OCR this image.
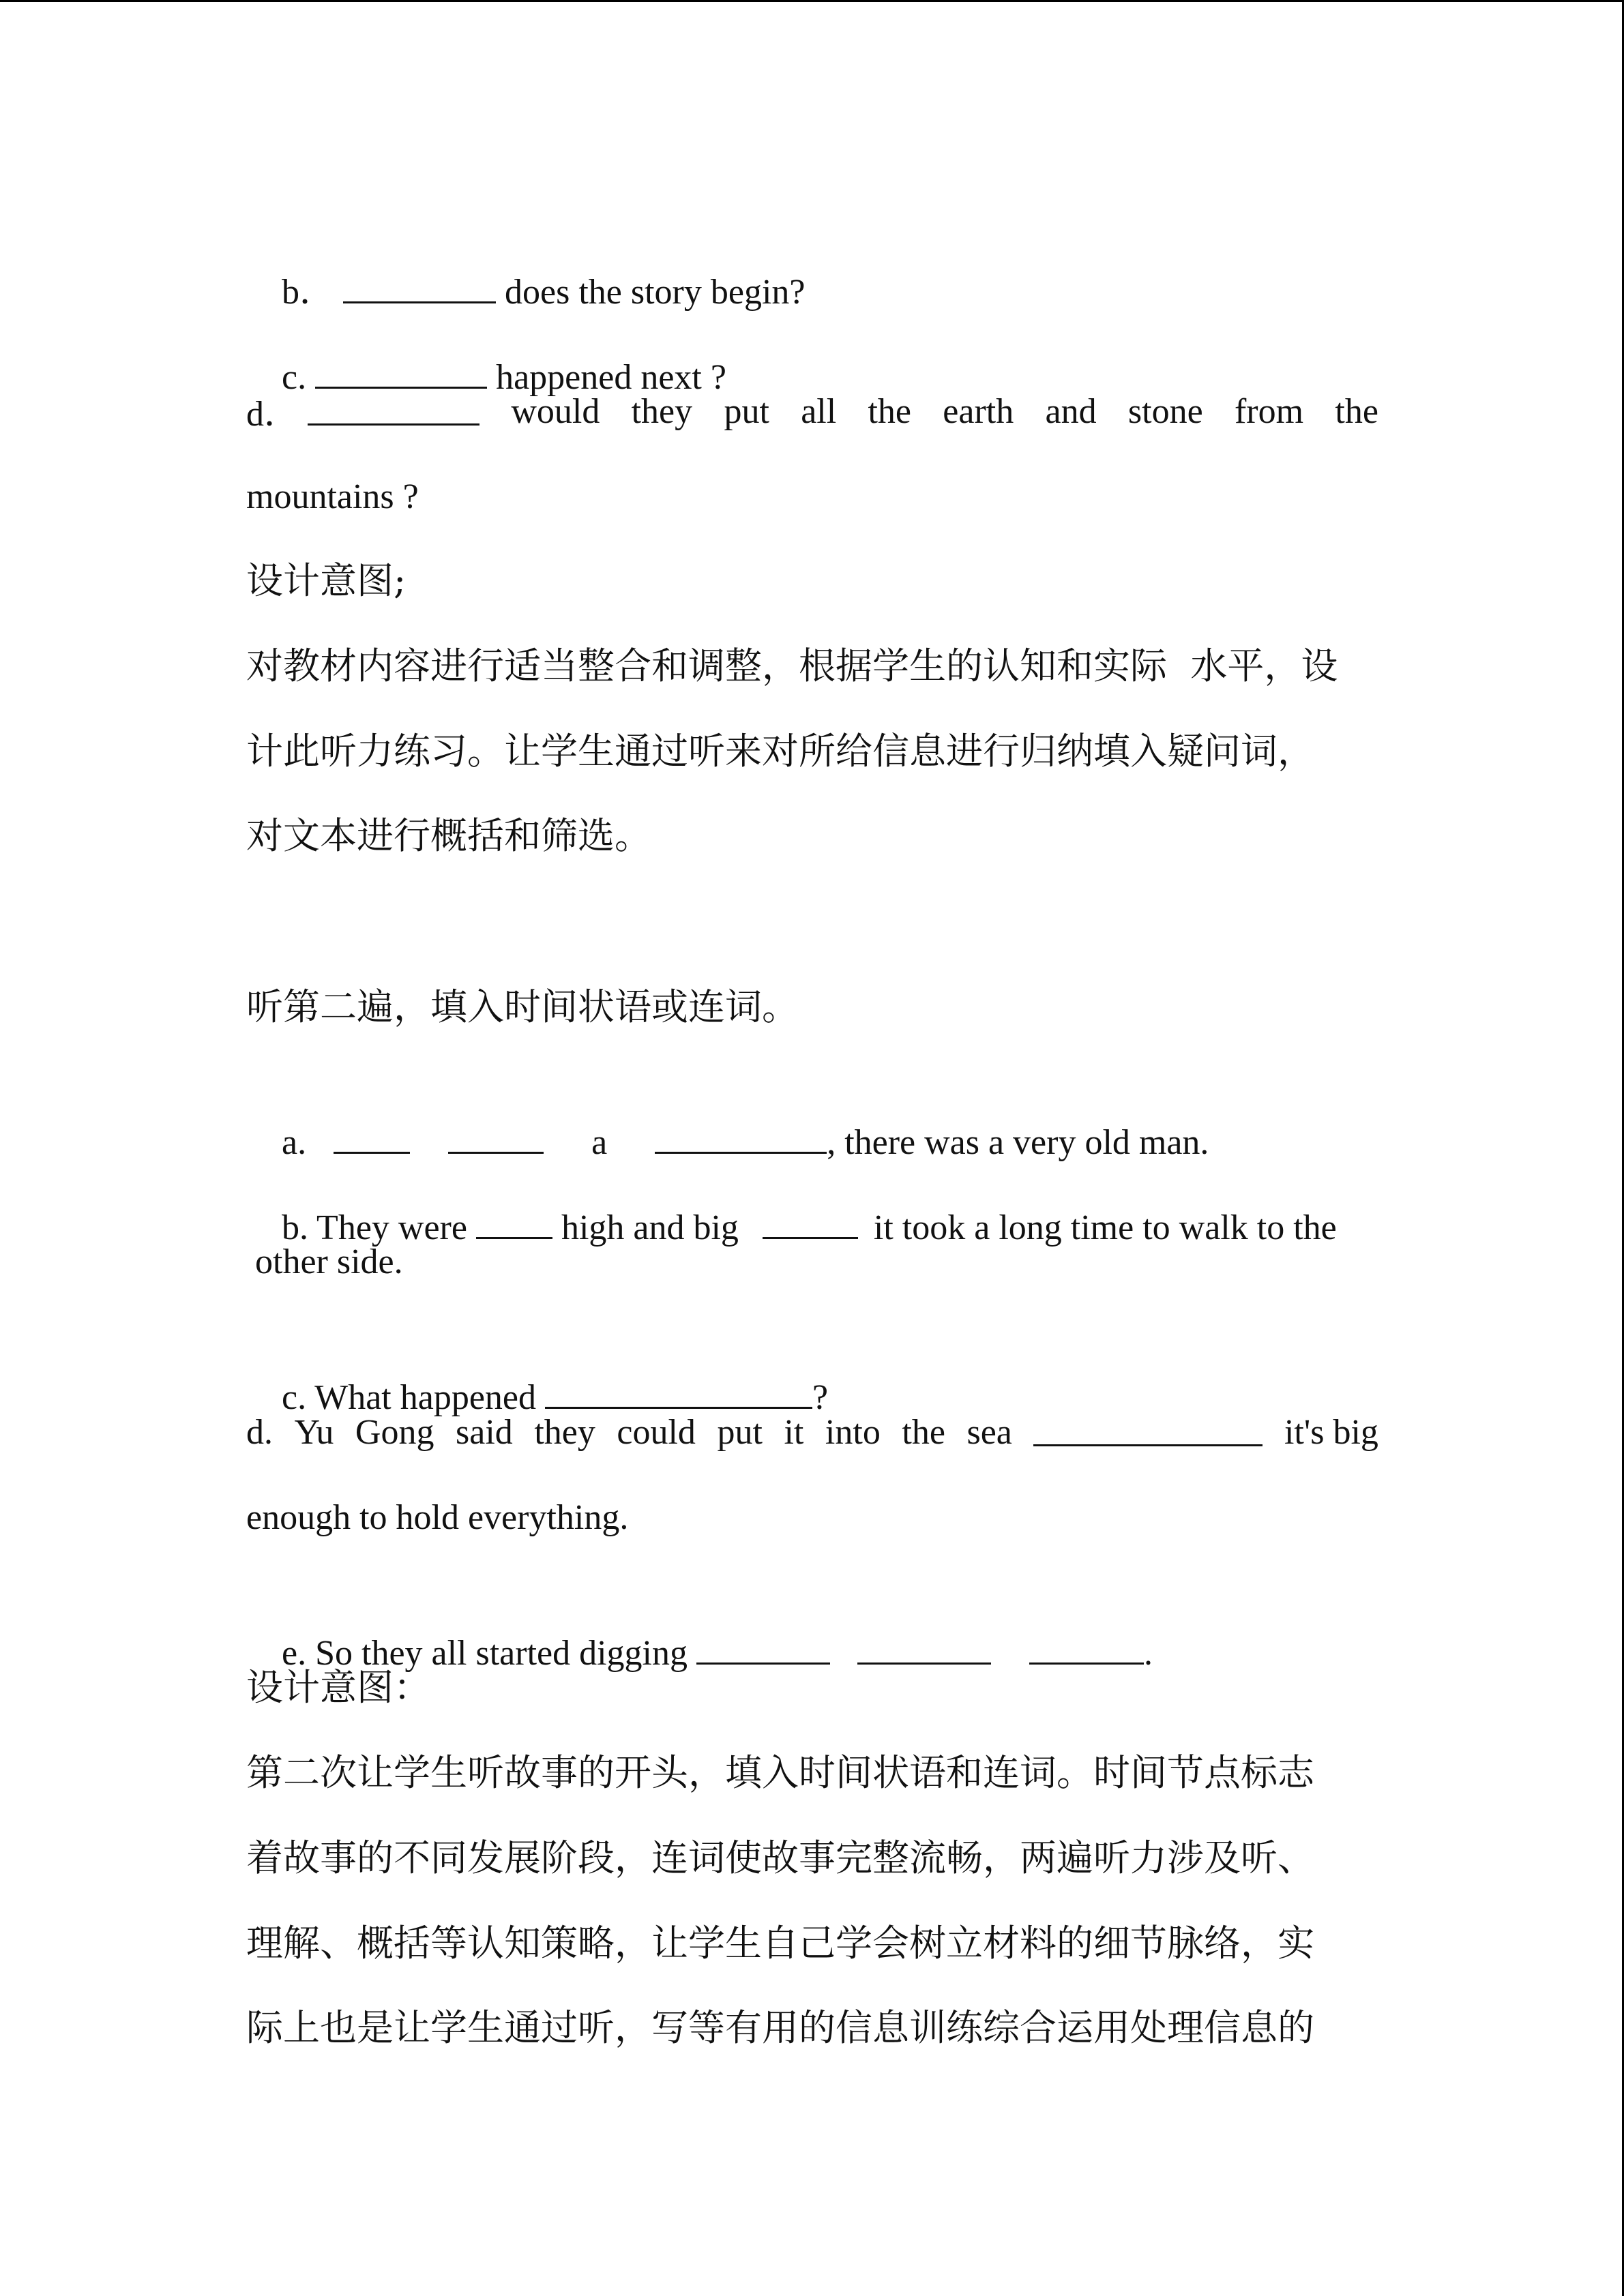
b．	does the story begin?

c.	happened next ?

d．	would they put all the earth and stone from the
mountains ?
设计意图;
对教材内容进行适当整合和调整，根据学生的认知和实际  水平，设
计此听力练习。让学生通过听来对所给信息进行归纳填入疑问词，
对文本进行概括和筛选。
听第二遍，填入时间状语或连词。

a.	a	, there was a very old man.

b. They were  high and big	it took a long time to walk to the

other side.

c. What happened	?

d. Yu Gong said they could put it into the sea	it's big
enough to hold everything.

e. So they all started digging	.

设计意图：
第二次让学生听故事的开头，填入时间状语和连词。时间节点标志
着故事的不同发展阶段，连词使故事完整流畅，两遍听力涉及听、
理解、概括等认知策略，让学生自己学会树立材料的细节脉络，实
际上也是让学生通过听，写等有用的信息训练综合运用处理信息的
